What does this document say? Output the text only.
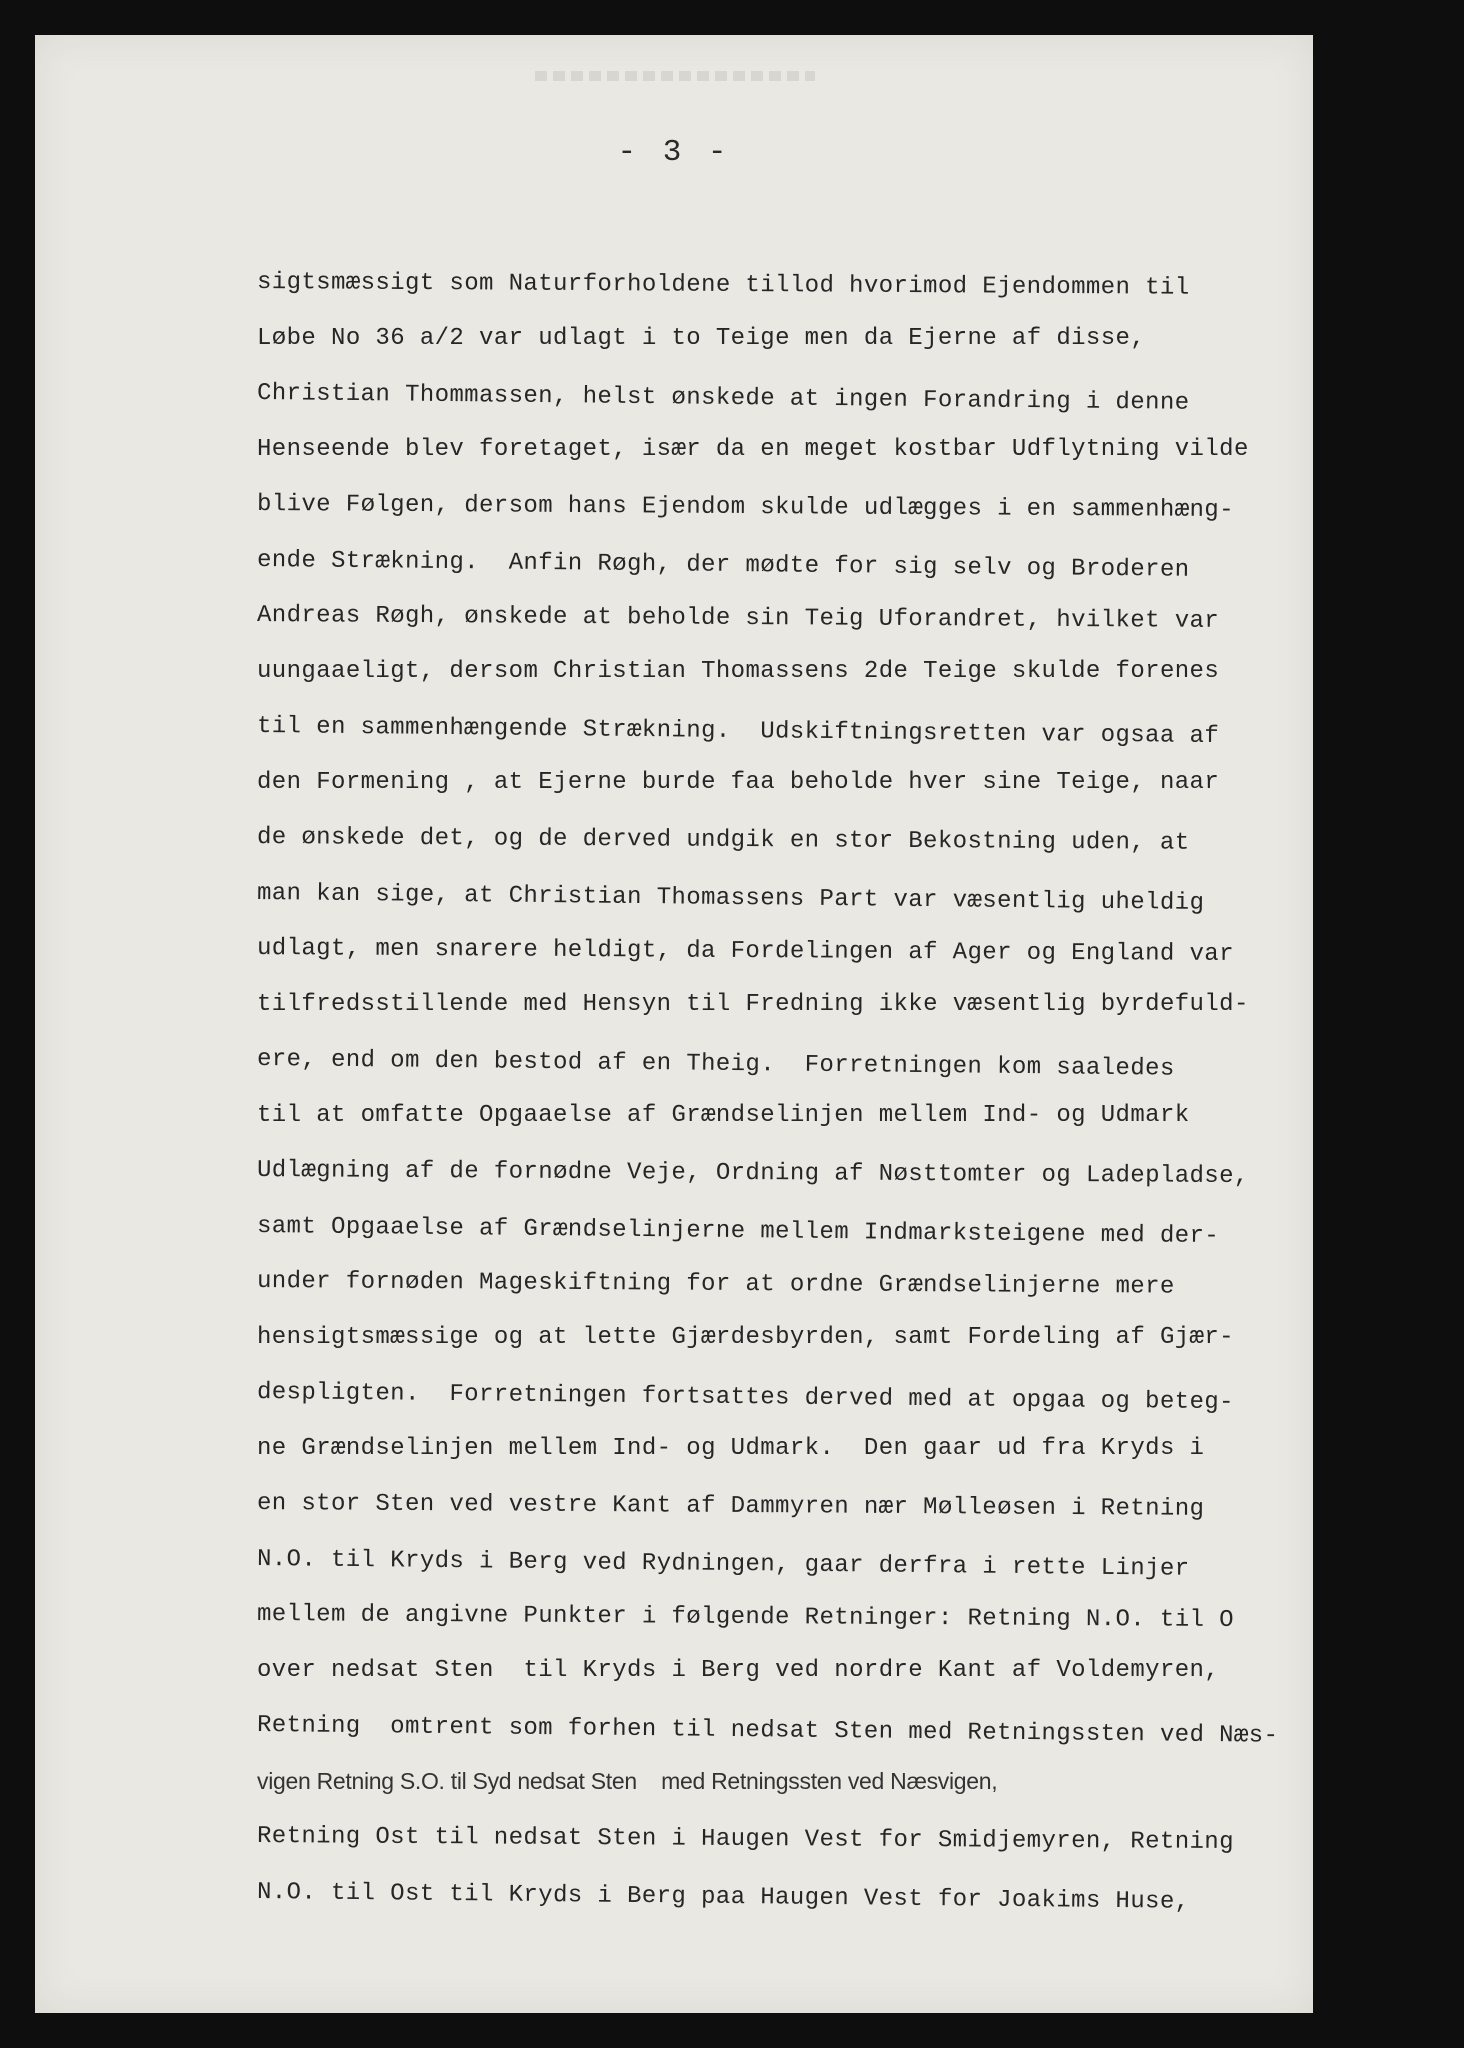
- 3 -
sigtsmæssigt som Naturforholdene tillod hvorimod Ejendommen til
Løbe No 36 a/2 var udlagt i to Teige men da Ejerne af disse,
Christian Thommassen, helst ønskede at ingen Forandring i denne
Henseende blev foretaget, især da en meget kostbar Udflytning vilde
blive Følgen, dersom hans Ejendom skulde udlægges i en sammenhæng-
ende Strækning.  Anfin Røgh, der mødte for sig selv og Broderen
Andreas Røgh, ønskede at beholde sin Teig Uforandret, hvilket var
uungaaeligt, dersom Christian Thomassens 2de Teige skulde forenes
til en sammenhængende Strækning.  Udskiftningsretten var ogsaa af
den Formening , at Ejerne burde faa beholde hver sine Teige, naar
de ønskede det, og de derved undgik en stor Bekostning uden, at
man kan sige, at Christian Thomassens Part var væsentlig uheldig
udlagt, men snarere heldigt, da Fordelingen af Ager og England var
tilfredsstillende med Hensyn til Fredning ikke væsentlig byrdefuld-
ere, end om den bestod af en Theig.  Forretningen kom saaledes
til at omfatte Opgaaelse af Grændselinjen mellem Ind- og Udmark
Udlægning af de fornødne Veje, Ordning af Nøsttomter og Ladepladse,
samt Opgaaelse af Grændselinjerne mellem Indmarksteigene med der-
under fornøden Mageskiftning for at ordne Grændselinjerne mere
hensigtsmæssige og at lette Gjærdesbyrden, samt Fordeling af Gjær-
despligten.  Forretningen fortsattes derved med at opgaa og beteg-
ne Grændselinjen mellem Ind- og Udmark.  Den gaar ud fra Kryds i
en stor Sten ved vestre Kant af Dammyren nær Mølleøsen i Retning
N.O. til Kryds i Berg ved Rydningen, gaar derfra i rette Linjer
mellem de angivne Punkter i følgende Retninger: Retning N.O. til O
over nedsat Sten  til Kryds i Berg ved nordre Kant af Voldemyren,
Retning  omtrent som forhen til nedsat Sten med Retningssten ved Næs-
vigen Retning S.O. til Syd nedsat Sten    med Retningssten ved Næsvigen,
Retning Ost til nedsat Sten i Haugen Vest for Smidjemyren, Retning
N.O. til Ost til Kryds i Berg paa Haugen Vest for Joakims Huse,
